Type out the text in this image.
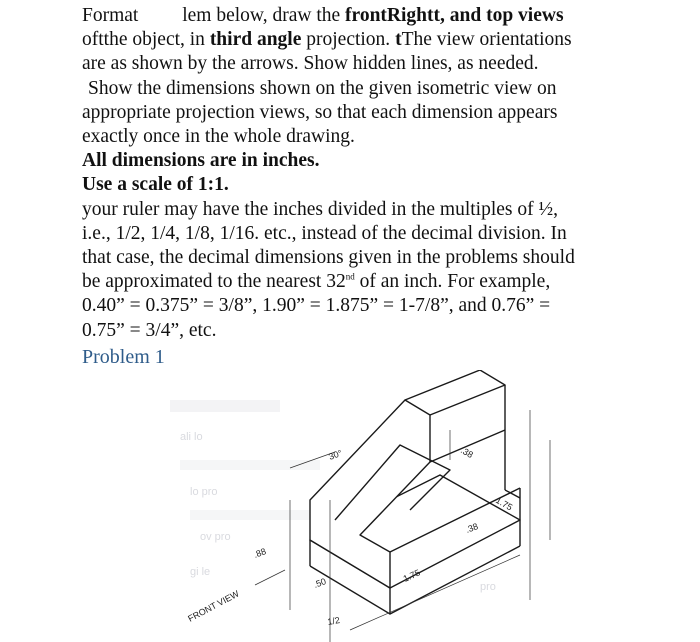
Format lem below, draw the frontRightt, and top views
oftthe object, in third angle projection. tThe view orientations
are as shown by the arrows. Show hidden lines, as needed.
Show the dimensions shown on the given isometric view on
appropriate projection views, so that each dimension appears
exactly once in the whole drawing.
All dimensions are in inches.
Use a scale of 1:1.
your ruler may have the inches divided in the multiples of ½,
i.e., 1/2, 1/4, 1/8, 1/16. etc., instead of the decimal division. In
that case, the decimal dimensions given in the problems should
be approximated to the nearest 32nd of an inch. For example,
0.40” = 0.375” = 3/8”, 1.90” = 1.875” = 1-7/8”, and 0.76” =
0.75” = 3/4”, etc.
Problem 1
ali lo
lo pro
ov pro
gi le
pro
30°	.38
1.75
.38
.88
.50	1.75
1/2
FRONT VIEW
